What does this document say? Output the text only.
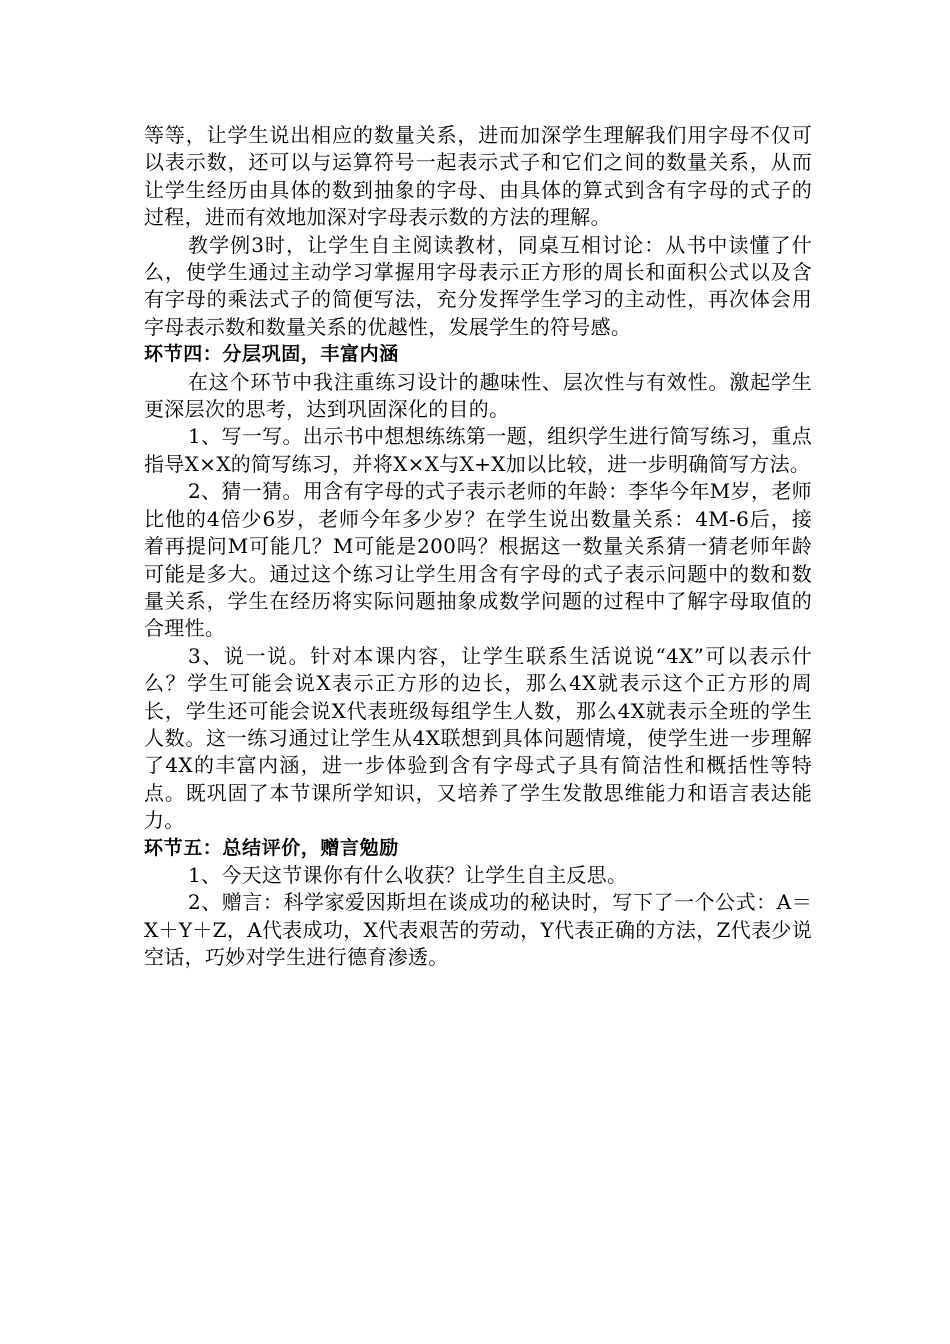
等等，让学生说出相应的数量关系，进而加深学生理解我们用字母不仅可以表示数，还可以与运算符号一起表示式子和它们之间的数量关系，从而让学生经历由具体的数到抽象的字母、由具体的算式到含有字母的式子的过程，进而有效地加深对字母表示数的方法的理解。

教学例3时，让学生自主阅读教材，同桌互相讨论：从书中读懂了什么，使学生通过主动学习掌握用字母表示正方形的周长和面积公式以及含有字母的乘法式子的简便写法，充分发挥学生学习的主动性，再次体会用字母表示数和数量关系的优越性，发展学生的符号感。

环节四：分层巩固，丰富内涵

在这个环节中我注重练习设计的趣味性、层次性与有效性。激起学生更深层次的思考，达到巩固深化的目的。

1、写一写。出示书中想想练练第一题，组织学生进行简写练习，重点指导X×X的简写练习，并将X×X与X+X加以比较，进一步明确简写方法。

2、猜一猜。用含有字母的式子表示老师的年龄：李华今年M岁，老师比他的4倍少6岁，老师今年多少岁？在学生说出数量关系：4M-6后，接着再提问M可能几？M可能是200吗？根据这一数量关系猜一猜老师年龄可能是多大。通过这个练习让学生用含有字母的式子表示问题中的数和数量关系，学生在经历将实际问题抽象成数学问题的过程中了解字母取值的合理性。

3、说一说。针对本课内容，让学生联系生活说说“4X”可以表示什么？学生可能会说X表示正方形的边长，那么4X就表示这个正方形的周长，学生还可能会说X代表班级每组学生人数，那么4X就表示全班的学生人数。这一练习通过让学生从4X联想到具体问题情境，使学生进一步理解了4X的丰富内涵，进一步体验到含有字母式子具有简洁性和概括性等特点。既巩固了本节课所学知识，又培养了学生发散思维能力和语言表达能力。

环节五：总结评价，赠言勉励

1、今天这节课你有什么收获？让学生自主反思。

2、赠言：科学家爱因斯坦在谈成功的秘诀时，写下了一个公式：A＝X＋Y＋Z，A代表成功，X代表艰苦的劳动，Y代表正确的方法，Z代表少说空话，巧妙对学生进行德育渗透。
